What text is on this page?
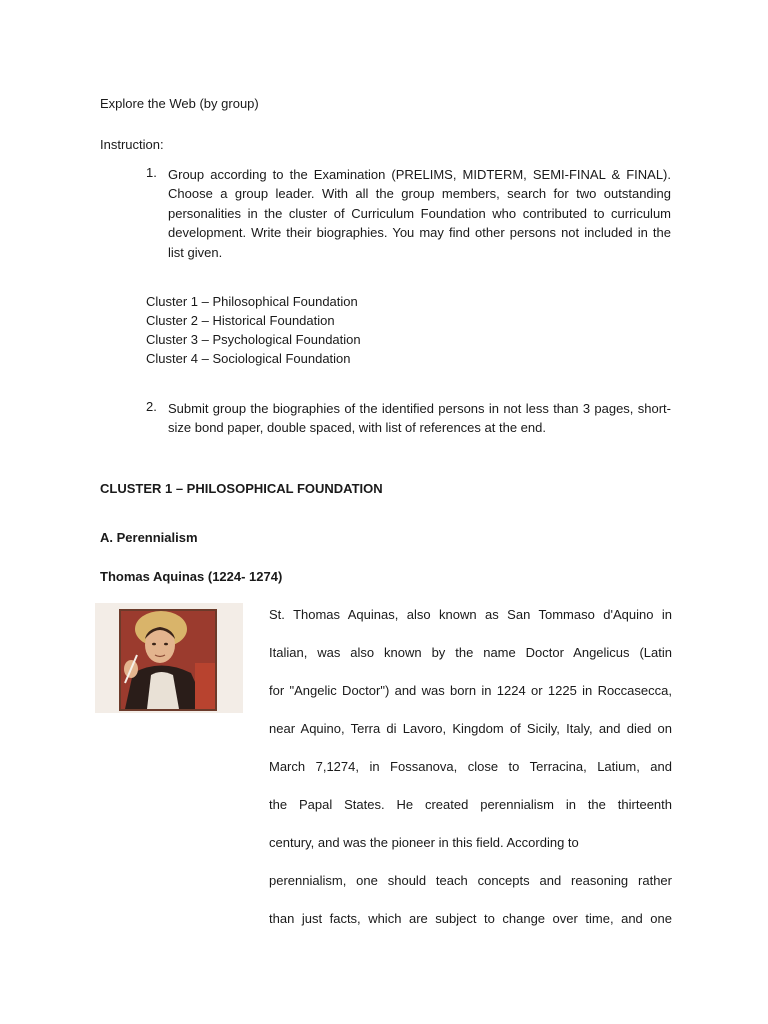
Explore the Web (by group)
Instruction:
1. Group according to the Examination (PRELIMS, MIDTERM, SEMI-FINAL & FINAL). Choose a group leader. With all the group members, search for two outstanding personalities in the cluster of Curriculum Foundation who contributed to curriculum development. Write their biographies. You may find other persons not included in the list given.
Cluster 1 – Philosophical Foundation
Cluster 2 – Historical Foundation
Cluster 3 – Psychological Foundation
Cluster 4 – Sociological Foundation
2. Submit group the biographies of the identified persons in not less than 3 pages, short-size bond paper, double spaced, with list of references at the end.
CLUSTER 1 – PHILOSOPHICAL FOUNDATION
A. Perennialism
Thomas Aquinas (1224- 1274)
St. Thomas Aquinas, also known as San Tommaso d'Aquino in
Italian, was also known by the name Doctor Angelicus (Latin
for "Angelic Doctor") and was born in 1224 or 1225 in Roccasecca,
near Aquino, Terra di Lavoro, Kingdom of Sicily, Italy, and died on
March 7,1274, in Fossanova, close to Terracina, Latium, and
the Papal States. He created perennialism in the thirteenth
century, and was the pioneer in this field. According to
perennialism, one should teach concepts and reasoning rather
than just facts, which are subject to change over time, and one
